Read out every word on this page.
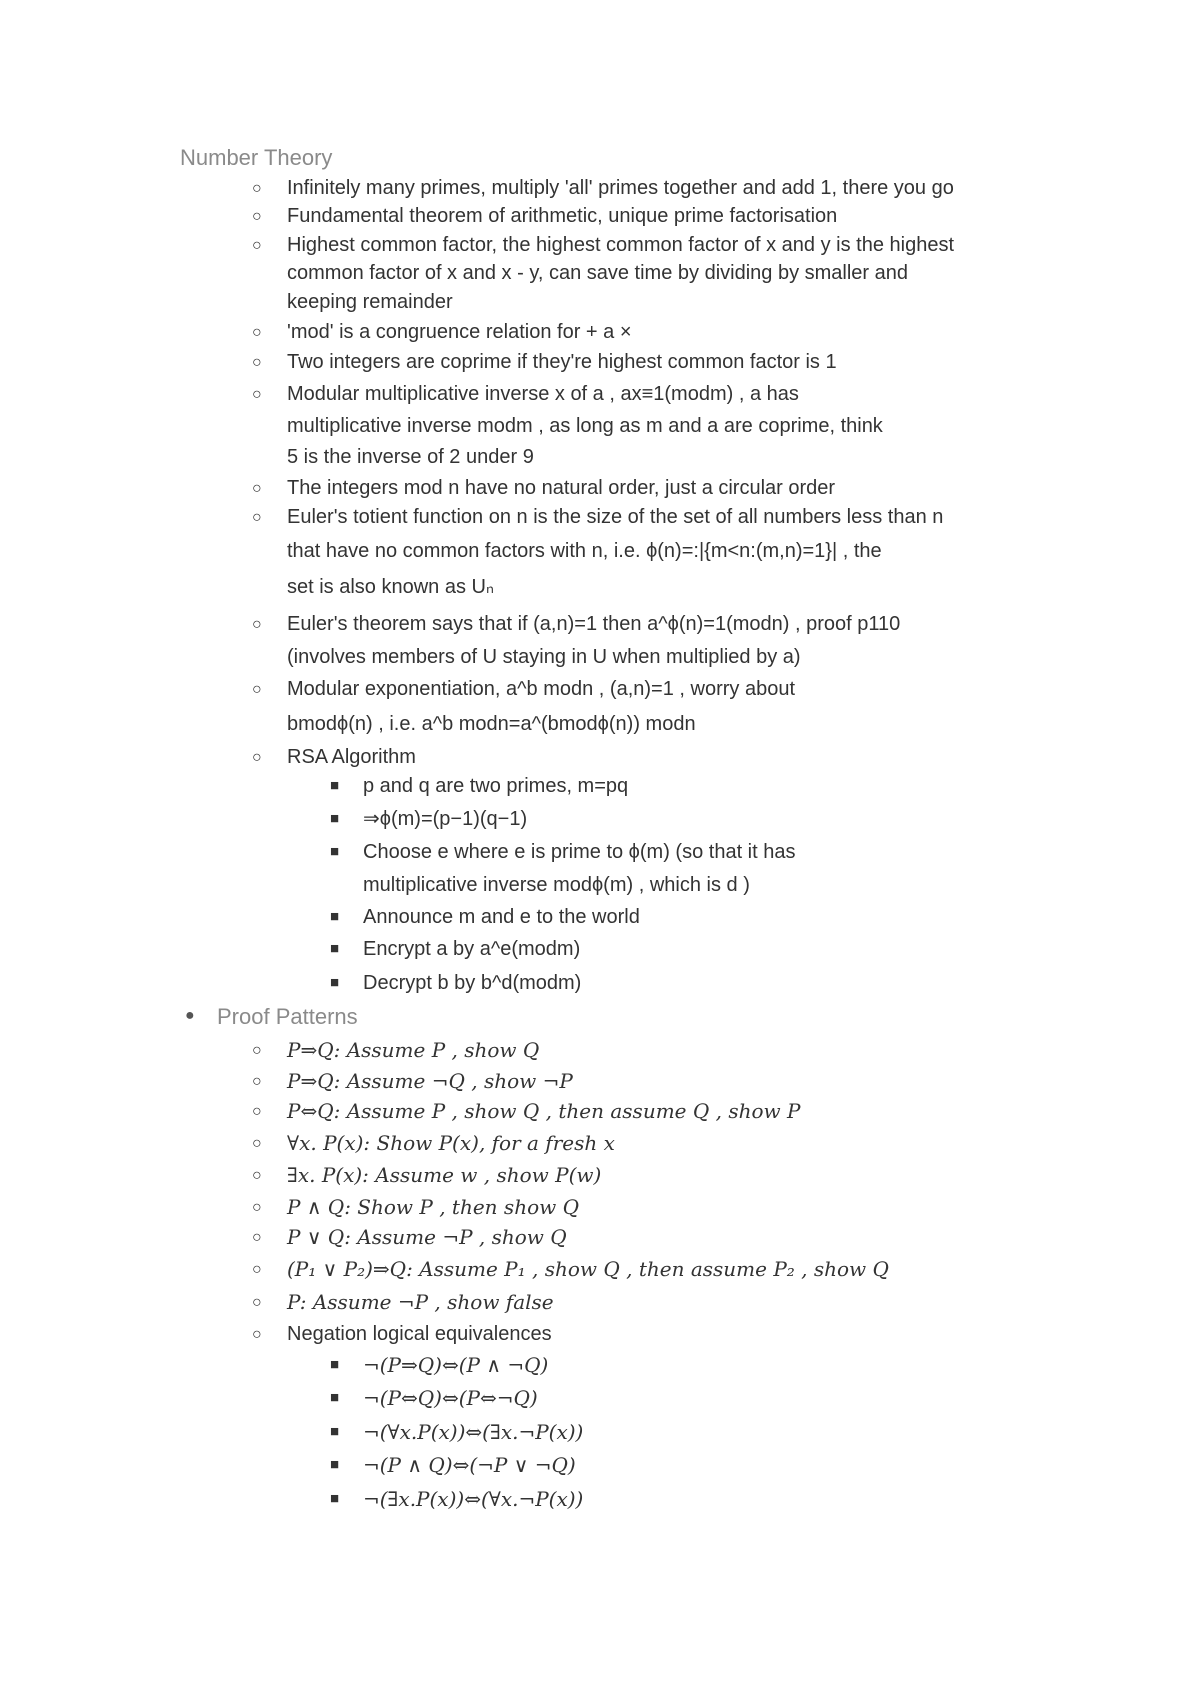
Number Theory
○ Infinitely many primes, multiply 'all' primes together and add 1, there you go
○ Fundamental theorem of arithmetic, unique prime factorisation
○ Highest common factor, the highest common factor of x and y is the highest
common factor of x and x - y, can save time by dividing by smaller and
keeping remainder
○ 'mod' is a congruence relation for + a ×
○ Two integers are coprime if they're highest common factor is 1
○ Modular multiplicative inverse x of a , ax≡1(modm) , a has
multiplicative inverse modm , as long as m and a are coprime, think
5 is the inverse of 2 under 9
○ The integers mod n have no natural order, just a circular order
○ Euler's totient function on n is the size of the set of all numbers less than n
that have no common factors with n, i.e. ϕ(n)=:|{m<n:(m,n)=1}| , the
set is also known as Uₙ
○ Euler's theorem says that if (a,n)=1 then a^ϕ(n)=1(modn) , proof p110
(involves members of U staying in U when multiplied by a)
○ Modular exponentiation, a^b modn , (a,n)=1 , worry about
bmodϕ(n) , i.e. a^b modn=a^(bmodϕ(n)) modn
○ RSA Algorithm
■ p and q are two primes, m=pq
■ ⇒ϕ(m)=(p−1)(q−1)
■ Choose e where e is prime to ϕ(m) (so that it has
multiplicative inverse modϕ(m) , which is d )
■ Announce m and e to the world
■ Encrypt a by a^e(modm)
■ Decrypt b by b^d(modm)
● Proof Patterns
○ P⇒Q: Assume P , show Q
○ P⇒Q: Assume ¬Q , show ¬P
○ P⇔Q: Assume P , show Q , then assume Q , show P
○ ∀x. P(x): Show P(x), for a fresh x
○ ∃x. P(x): Assume w , show P(w)
○ P ∧ Q: Show P , then show Q
○ P ∨ Q: Assume ¬P , show Q
○ (P₁ ∨ P₂)⇒Q: Assume P₁ , show Q , then assume P₂ , show Q
○ P: Assume ¬P , show false
○ Negation logical equivalences
■ ¬(P⇒Q)⇔(P ∧ ¬Q)
■ ¬(P⇔Q)⇔(P⇔¬Q)
■ ¬(∀x.P(x))⇔(∃x.¬P(x))
■ ¬(P ∧ Q)⇔(¬P ∨ ¬Q)
■ ¬(∃x.P(x))⇔(∀x.¬P(x))
